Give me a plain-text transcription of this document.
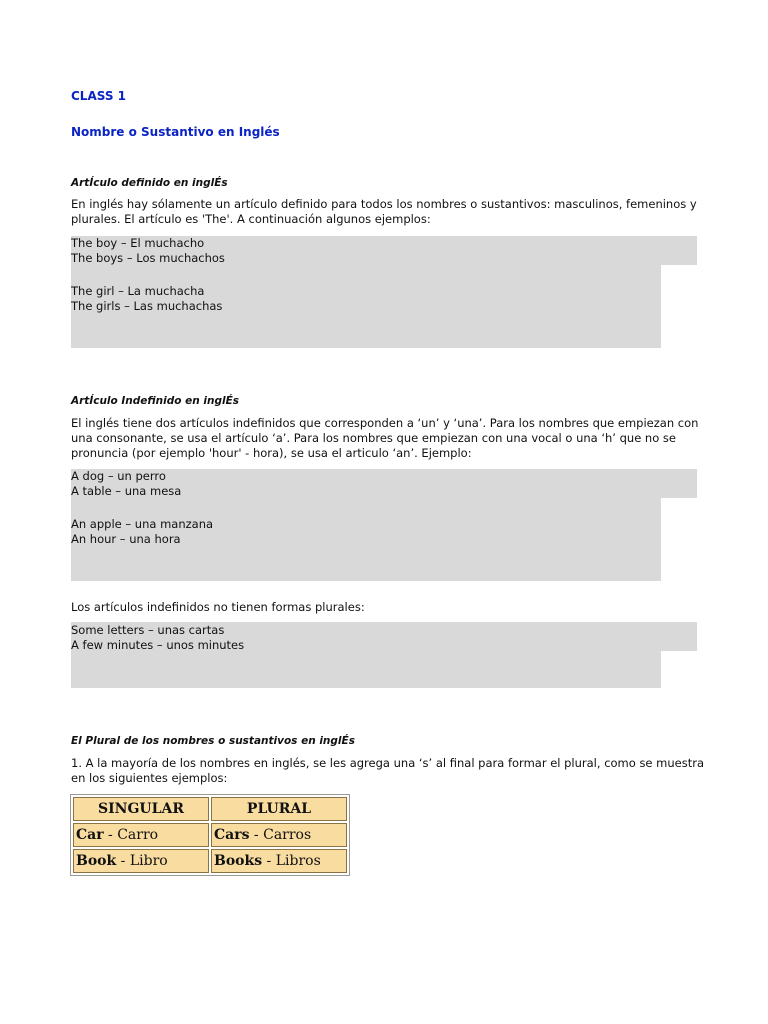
CLASS 1
Nombre o Sustantivo en Inglés
ArtÍculo definido en inglÉs
En inglés hay sólamente un artículo definido para todos los nombres o sustantivos: masculinos, femeninos y
plurales. El artículo es 'The'. A continuación algunos ejemplos:
The boy – El muchacho
The boys – Los muchachos
The girl – La muchacha
The girls – Las muchachas
ArtÍculo Indefinido en inglÉs
El inglés tiene dos artículos indefinidos que corresponden a ‘un’ y ‘una’. Para los nombres que empiezan con
una consonante, se usa el artículo ‘a’. Para los nombres que empiezan con una vocal o una ‘h’ que no se
pronuncia (por ejemplo 'hour' - hora), se usa el articulo ‘an’. Ejemplo:
A dog – un perro
A table – una mesa
An apple – una manzana
An hour – una hora
Los artículos indefinidos no tienen formas plurales:
Some letters – unas cartas
A few minutes – unos minutes
El Plural de los nombres o sustantivos en inglÉs
1. A la mayoría de los nombres en inglés, se les agrega una ‘s’ al final para formar el plural, como se muestra
en los siguientes ejemplos:
SINGULAR	PLURAL
Car - Carro	Cars - Carros
Book - Libro	Books - Libros
